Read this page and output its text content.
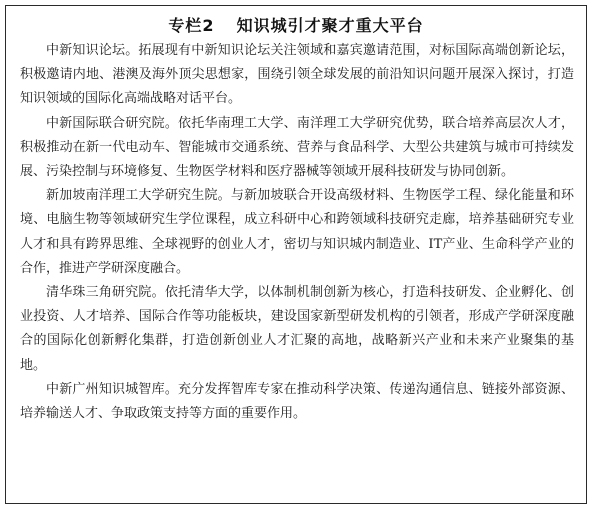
专栏2 知识城引才聚才重大平台

中新知识论坛。拓展现有中新知识论坛关注领域和嘉宾邀请范围，对标国际高端创新论坛，积极邀请内地、港澳及海外顶尖思想家，围绕引领全球发展的前沿知识问题开展深入探讨，打造知识领域的国际化高端战略对话平台。

中新国际联合研究院。依托华南理工大学、南洋理工大学研究优势，联合培养高层次人才，积极推动在新一代电动车、智能城市交通系统、营养与食品科学、大型公共建筑与城市可持续发展、污染控制与环境修复、生物医学材料和医疗器械等领域开展科技研发与协同创新。

新加坡南洋理工大学研究生院。与新加坡联合开设高级材料、生物医学工程、绿化能量和环境、电脑生物等领域研究生学位课程，成立科研中心和跨领域科技研究走廊，培养基础研究专业人才和具有跨界思维、全球视野的创业人才，密切与知识城内制造业、IT产业、生命科学产业的合作，推进产学研深度融合。

清华珠三角研究院。依托清华大学，以体制机制创新为核心，打造科技研发、企业孵化、创业投资、人才培养、国际合作等功能板块，建设国家新型研发机构的引领者，形成产学研深度融合的国际化创新孵化集群，打造创新创业人才汇聚的高地，战略新兴产业和未来产业聚集的基地。

中新广州知识城智库。充分发挥智库专家在推动科学决策、传递沟通信息、链接外部资源、培养输送人才、争取政策支持等方面的重要作用。
